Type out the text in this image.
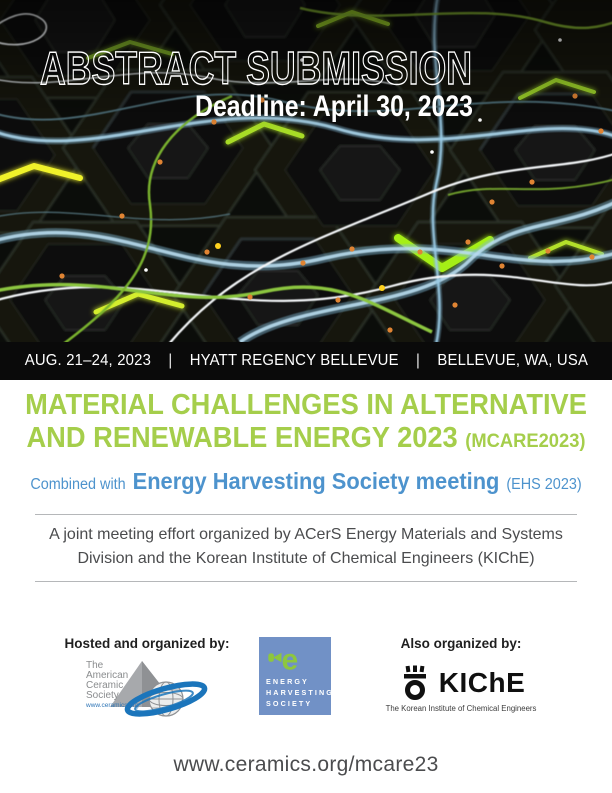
ABSTRACT SUBMISSION
Deadline: April 30, 2023
AUG. 21–24, 2023 | HYATT REGENCY BELLEVUE | BELLEVUE, WA, USA
MATERIAL CHALLENGES IN ALTERNATIVE
AND RENEWABLE ENERGY 2023 (MCARE2023)
Combined with Energy Harvesting Society meeting (EHS 2023)
A joint meeting effort organized by ACerS Energy Materials and Systems Division and the Korean Institute of Chemical Engineers (KIChE)
Hosted and organized by:
The
American
Ceramic
Society
www.ceramics.org
e
ENERGY
HARVESTING
SOCIETY
Also organized by:
KIChE
The Korean Institute of Chemical Engineers
www.ceramics.org/mcare23
